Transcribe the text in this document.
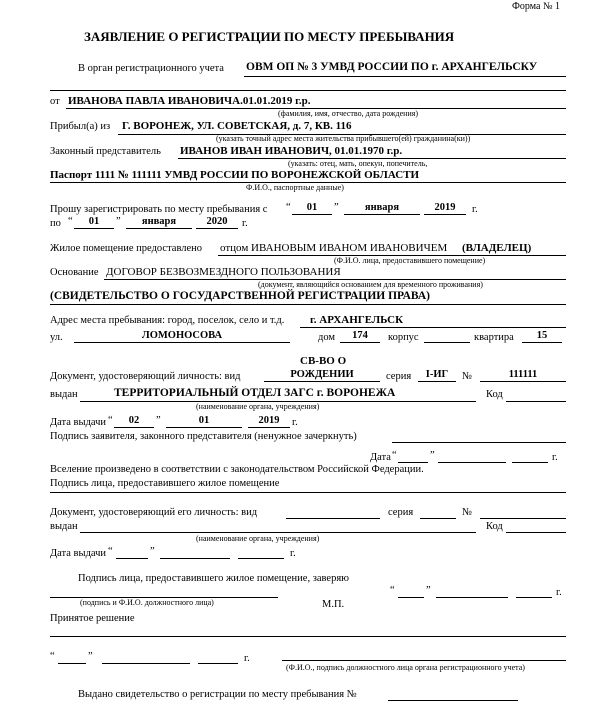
Форма № 1
ЗАЯВЛЕНИЕ О РЕГИСТРАЦИИ ПО МЕСТУ ПРЕБЫВАНИЯ
В орган регистрационного учета ОВМ ОП № 3 УМВД РОССИИ ПО г. АРХАНГЕЛЬСКУ
от ИВАНОВА ПАВЛА ИВАНОВИЧА.01.01.2019 г.р.
(фамилия, имя, отчество, дата рождения)
Прибыл(а) из Г. ВОРОНЕЖ, УЛ. СОВЕТСКАЯ, д. 7, КВ. 116
(указать точный адрес места жительства прибывшего(ей) гражданина(ки))
Законный представитель ИВАНОВ ИВАН ИВАНОВИЧ, 01.01.1970 г.р.
(указать: отец, мать, опекун, попечитель,
Паспорт 1111 № 111111 УМВД РОССИИ ПО ВОРОНЕЖСКОЙ ОБЛАСТИ
Ф.И.О., паспортные данные)
Прошу зарегистрировать по месту пребывания с “	01	”	января	2019	г.
по “	01	”	января	2020	г.
Жилое помещение предоставлено отцом ИВАНОВЫМ ИВАНОМ ИВАНОВИЧЕМ (ВЛАДЕЛЕЦ)
(Ф.И.О. лица, предоставившего помещение)
Основание ДОГОВОР БЕЗВОЗМЕЗДНОГО ПОЛЬЗОВАНИЯ
(документ, являющийся основанием для временного проживания)
(СВИДЕТЕЛЬСТВО О ГОСУДАРСТВЕННОЙ РЕГИСТРАЦИИ ПРАВА)
Адрес места пребывания: город, поселок, село и т.д. г. АРХАНГЕЛЬСК
ул.	ЛОМОНОСОВА	дом	174	корпус	квартира	15
СВ-ВО О
Документ, удостоверяющий личность: вид	РОЖДЕНИИ	серия	I-ИГ	№	111111
выдан	ТЕРРИТОРИАЛЬНЫЙ ОТДЕЛ ЗАГС г. ВОРОНЕЖА	Код
(наименование органа, учреждения)
Дата выдачи “	02	”	01	2019	г.
Подпись заявителя, законного представителя (ненужное зачеркнуть)
Дата “	”	г.
Вселение произведено в соответствии с законодательством Российской Федерации.
Подпись лица, предоставившего жилое помещение
Документ, удостоверяющий его личность: вид	серия	№
выдан	Код
(наименование органа, учреждения)
Дата выдачи “	”	г.
Подпись лица, предоставившего жилое помещение, заверяю
(подпись и Ф.И.О. должностного лица)	М.П.
“	”	г.
Принятое решение
“	”	г.
(Ф.И.О., подпись должностного лица органа регистрационного учета)
Выдано свидетельство о регистрации по месту пребывания №
